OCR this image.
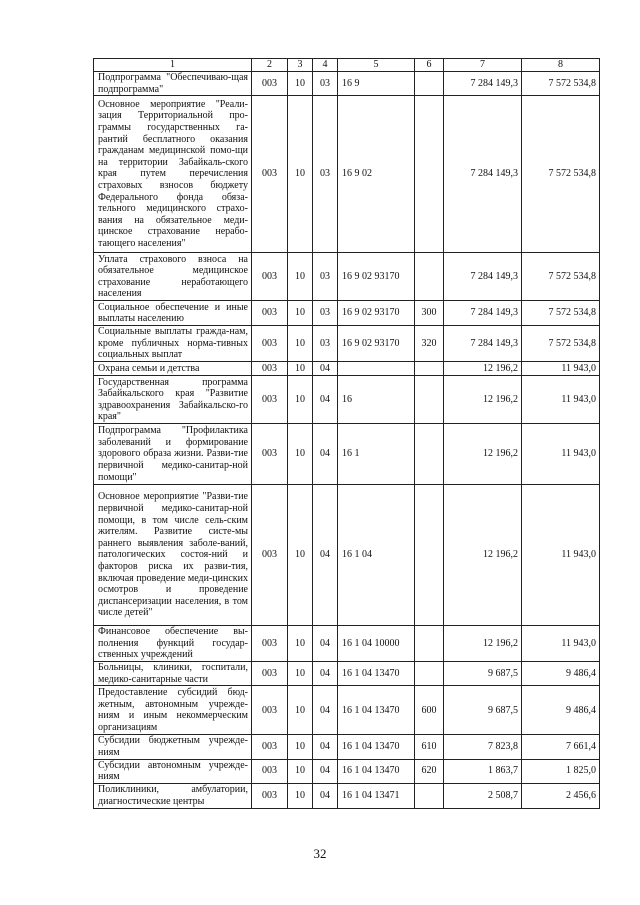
1	2	3	4	5	6	7	8
Подпрограмма "Обеспечиваю-щая подпрограмма"	003	10	03	16 9		7 284 149,3	7 572 534,8
Основное мероприятие "Реали-зация Территориальной про-граммы государственных га-рантий бесплатного оказания гражданам медицинской помо-щи на территории Забайкаль-ского края путем перечисления страховых взносов бюджету Федерального фонда обяза-тельного медицинского страхо-вания на обязательное меди-цинское страхование нерабо-тающего населения"	003	10	03	16 9 02		7 284 149,3	7 572 534,8
Уплата страхового взноса на обязательное медицинское страхование неработающего населения	003	10	03	16 9 02 93170		7 284 149,3	7 572 534,8
Социальное обеспечение и иные выплаты населению	003	10	03	16 9 02 93170	300	7 284 149,3	7 572 534,8
Социальные выплаты гражда-нам, кроме публичных норма-тивных социальных выплат	003	10	03	16 9 02 93170	320	7 284 149,3	7 572 534,8
Охрана семьи и детства	003	10	04			12 196,2	11 943,0
Государственная программа Забайкальского края "Развитие здравоохранения Забайкальско-го края"	003	10	04	16		12 196,2	11 943,0
Подпрограмма "Профилактика заболеваний и формирование здорового образа жизни. Разви-тие первичной медико-санитар-ной помощи"	003	10	04	16 1		12 196,2	11 943,0
Основное мероприятие "Разви-тие первичной медико-санитар-ной помощи, в том числе сель-ским жителям. Развитие систе-мы раннего выявления заболе-ваний, патологических состоя-ний и факторов риска их разви-тия, включая проведение меди-цинских осмотров и проведение диспансеризации населения, в том числе детей"	003	10	04	16 1 04		12 196,2	11 943,0
Финансовое обеспечение вы-полнения функций государ-ственных учреждений	003	10	04	16 1 04 10000		12 196,2	11 943,0
Больницы, клиники, госпитали, медико-санитарные части	003	10	04	16 1 04 13470		9 687,5	9 486,4
Предоставление субсидий бюд-жетным, автономным учрежде-ниям и иным некоммерческим организациям	003	10	04	16 1 04 13470	600	9 687,5	9 486,4
Субсидии бюджетным учрежде-ниям	003	10	04	16 1 04 13470	610	7 823,8	7 661,4
Субсидии автономным учрежде-ниям	003	10	04	16 1 04 13470	620	1 863,7	1 825,0
Поликлиники, амбулатории, диагностические центры	003	10	04	16 1 04 13471		2 508,7	2 456,6
32
